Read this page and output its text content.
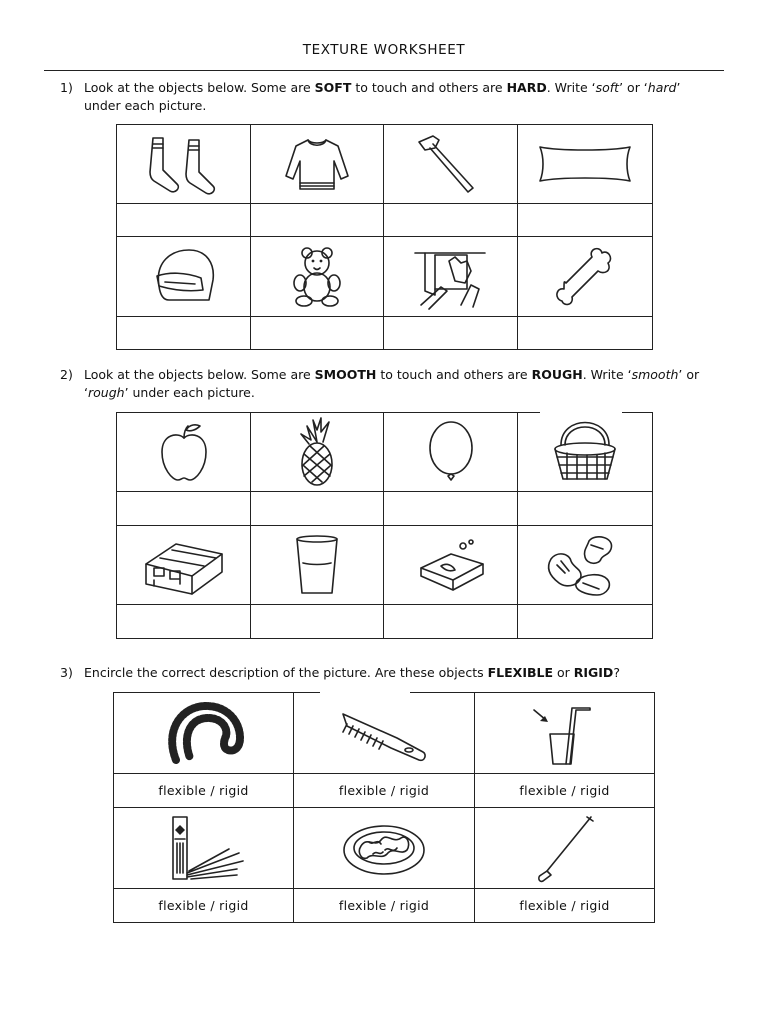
TEXTURE WORKSHEET
1) Look at the objects below. Some are SOFT to touch and others are HARD. Write ‘soft’ or ‘hard’ under each picture.

2) Look at the objects below. Some are SMOOTH to touch and others are ROUGH. Write ‘smooth’ or ‘rough’ under each picture.

3) Encircle the correct description of the picture. Are these objects FLEXIBLE or RIGID?

flexible / rigid	flexible / rigid	flexible / rigid

flexible / rigid	flexible / rigid	flexible / rigid
